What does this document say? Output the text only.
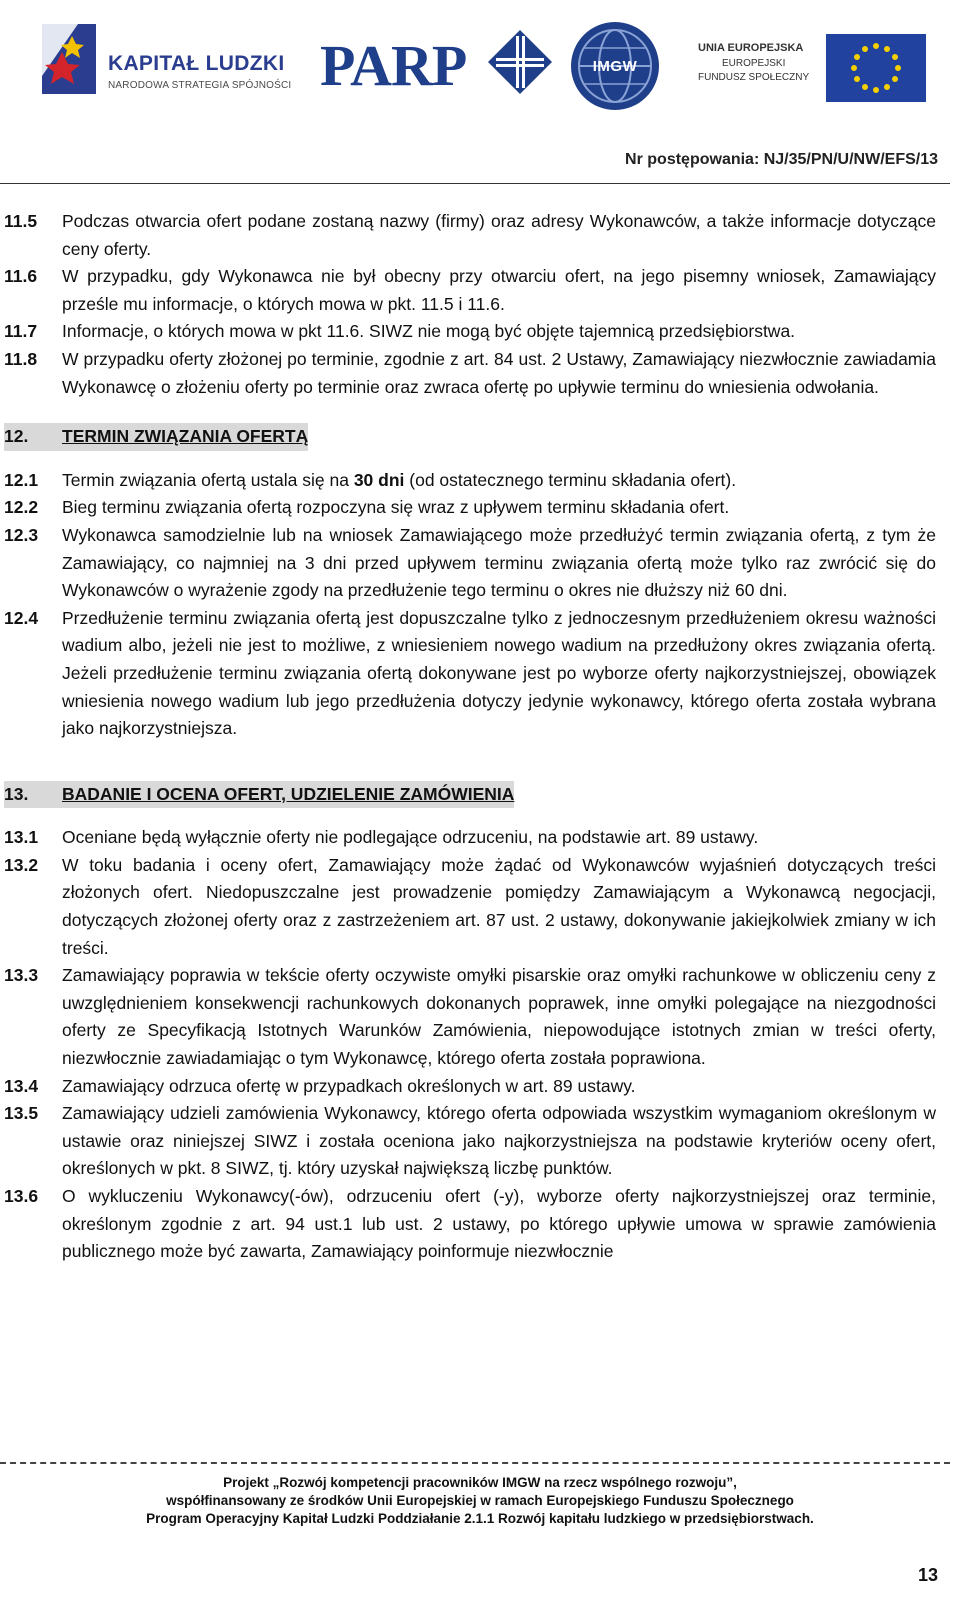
KAPITAŁ LUDZKI
NARODOWA STRATEGIA SPÓJNOŚCI PARP	IMGW
UNIA EUROPEJSKA
EUROPEJSKI
FUNDUSZ SPOŁECZNY
Nr postępowania: NJ/35/PN/U/NW/EFS/13
11.5	Podczas otwarcia ofert podane zostaną nazwy (firmy) oraz adresy Wykonawców, a także informacje dotyczące ceny oferty.
11.6	W przypadku, gdy Wykonawca nie był obecny przy otwarciu ofert, na jego pisemny wniosek, Zamawiający prześle mu informacje, o których mowa w pkt. 11.5 i 11.6.
11.7	Informacje, o których mowa w pkt 11.6. SIWZ nie mogą być objęte tajemnicą przedsiębiorstwa.
11.8	W przypadku oferty złożonej po terminie, zgodnie z art. 84 ust. 2 Ustawy, Zamawiający niezwłocznie zawiadamia Wykonawcę o złożeniu oferty po terminie oraz zwraca ofertę po upływie terminu do wniesienia odwołania.
12.	TERMIN ZWIĄZANIA OFERTĄ
12.1	Termin związania ofertą ustala się na 30 dni (od ostatecznego terminu składania ofert).
12.2	Bieg terminu związania ofertą rozpoczyna się wraz z upływem terminu składania ofert.
12.3	Wykonawca samodzielnie lub na wniosek Zamawiającego może przedłużyć termin związania ofertą, z tym że Zamawiający, co najmniej na 3 dni przed upływem terminu związania ofertą może tylko raz zwrócić się do Wykonawców o wyrażenie zgody na przedłużenie tego terminu o okres nie dłuższy niż 60 dni.
12.4	Przedłużenie terminu związania ofertą jest dopuszczalne tylko z jednoczesnym przedłużeniem okresu ważności wadium albo, jeżeli nie jest to możliwe, z wniesieniem nowego wadium na przedłużony okres związania ofertą. Jeżeli przedłużenie terminu związania ofertą dokonywane jest po wyborze oferty najkorzystniejszej, obowiązek wniesienia nowego wadium lub jego przedłużenia dotyczy jedynie wykonawcy, którego oferta została wybrana jako najkorzystniejsza.
13.	BADANIE I OCENA OFERT, UDZIELENIE ZAMÓWIENIA
13.1	Oceniane będą wyłącznie oferty nie podlegające odrzuceniu, na podstawie art. 89 ustawy.
13.2	W toku badania i oceny ofert, Zamawiający może żądać od Wykonawców wyjaśnień dotyczących treści złożonych ofert. Niedopuszczalne jest prowadzenie pomiędzy Zamawiającym a Wykonawcą negocjacji, dotyczących złożonej oferty oraz z zastrzeżeniem art. 87 ust. 2 ustawy, dokonywanie jakiejkolwiek zmiany w ich treści.
13.3	Zamawiający poprawia w tekście oferty oczywiste omyłki pisarskie oraz omyłki rachunkowe w obliczeniu ceny z uwzględnieniem konsekwencji rachunkowych dokonanych poprawek, inne omyłki polegające na niezgodności oferty ze Specyfikacją Istotnych Warunków Zamówienia, niepowodujące istotnych zmian w treści oferty, niezwłocznie zawiadamiając o tym Wykonawcę, którego oferta została poprawiona.
13.4	Zamawiający odrzuca ofertę w przypadkach określonych w art. 89 ustawy.
13.5	Zamawiający udzieli zamówienia Wykonawcy, którego oferta odpowiada wszystkim wymaganiom określonym w ustawie oraz niniejszej SIWZ i została oceniona jako najkorzystniejsza na podstawie kryteriów oceny ofert, określonych w pkt. 8 SIWZ, tj. który uzyskał największą liczbę punktów.
13.6	O wykluczeniu Wykonawcy(-ów), odrzuceniu ofert (-y), wyborze oferty najkorzystniejszej oraz terminie, określonym zgodnie z art. 94 ust.1 lub ust. 2 ustawy, po którego upływie umowa w sprawie zamówienia publicznego może być zawarta, Zamawiający poinformuje niezwłocznie
Projekt „Rozwój kompetencji pracowników IMGW na rzecz wspólnego rozwoju”,
współfinansowany ze środków Unii Europejskiej w ramach Europejskiego Funduszu Społecznego
Program Operacyjny Kapitał Ludzki Poddziałanie 2.1.1 Rozwój kapitału ludzkiego w przedsiębiorstwach.
13
